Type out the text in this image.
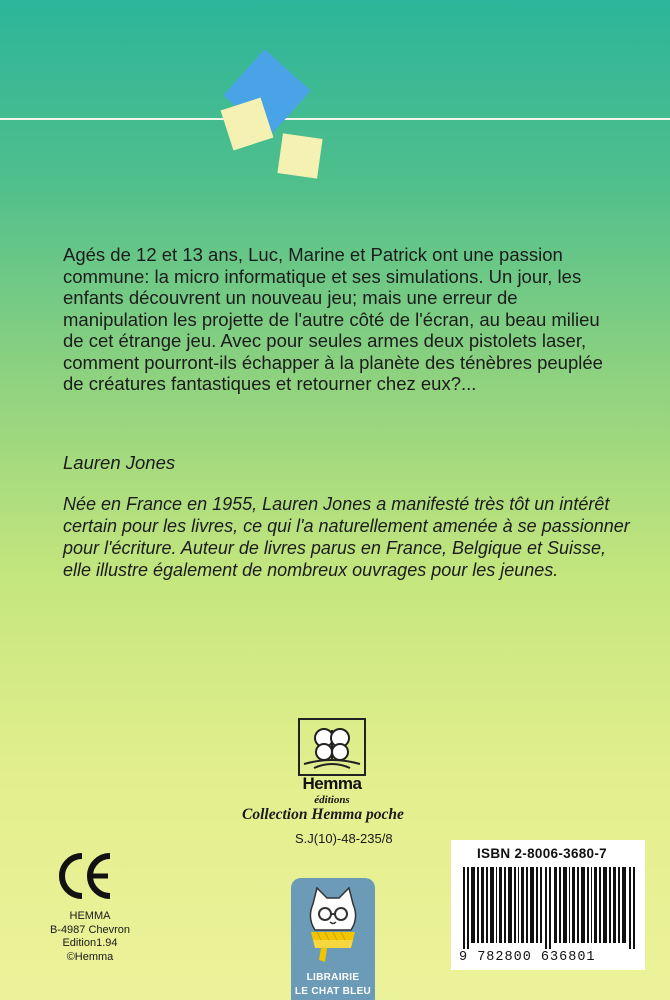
Agés de 12 et 13 ans, Luc, Marine et Patrick ont une passion commune: la micro informatique et ses simulations. Un jour, les enfants découvrent un nouveau jeu; mais une erreur de manipulation les projette de l'autre côté de l'écran, au beau milieu de cet étrange jeu. Avec pour seules armes deux pistolets laser, comment pourront-ils échapper à la planète des ténèbres peuplée de créatures fantastiques et retourner chez eux?...
Lauren Jones
Née en France en 1955, Lauren Jones a manifesté très tôt un intérêt certain pour les livres, ce qui l'a naturellement amenée à se passionner pour l'écriture. Auteur de livres parus en France, Belgique et Suisse, elle illustre également de nombreux ouvrages pour les jeunes.
Hemma
éditions
Collection Hemma poche
S.J(10)-48-235/8
HEMMA
B-4987 Chevron
Edition1.94
©Hemma
LIBRAIRIE
LE CHAT BLEU
ISBN 2-8006-3680-7
9 782800 636801
